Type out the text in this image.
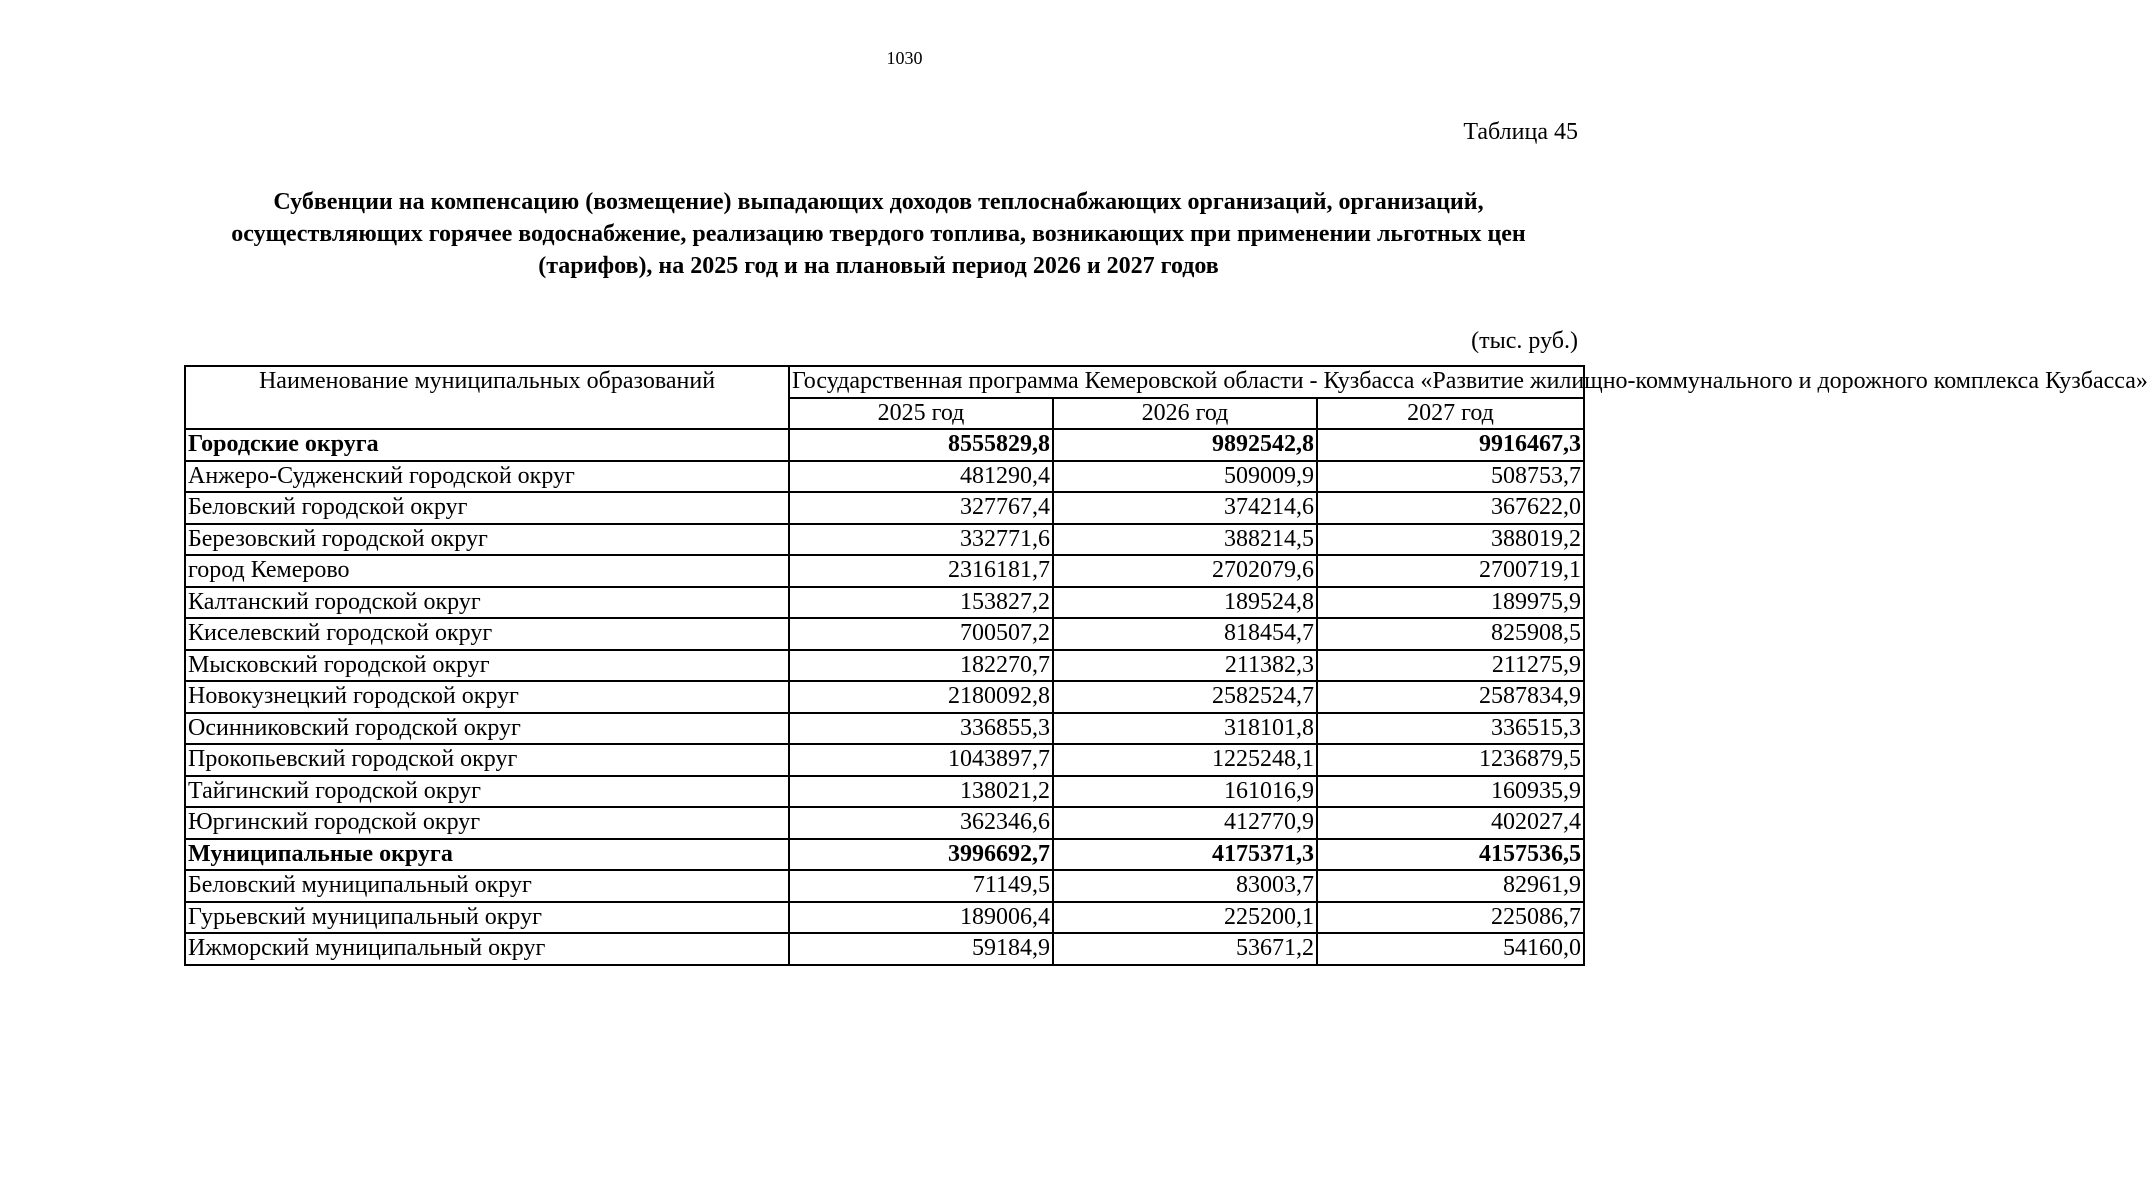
1030
Таблица 45
Субвенции на компенсацию (возмещение) выпадающих доходов теплоснабжающих организаций, организаций, осуществляющих горячее водоснабжение, реализацию твердого топлива, возникающих при применении льготных цен (тарифов), на 2025 год и на плановый период 2026 и 2027 годов
(тыс. руб.)
Наименование муниципальных образований	Государственная программа Кемеровской области - Кузбасса «Развитие жилищно-коммунального и дорожного комплекса Кузбасса»		
	2025 год	2026 год	2027 год
Городские округа	8555829,8	9892542,8	9916467,3
Анжеро-Судженский городской округ	481290,4	509009,9	508753,7
Беловский городской округ	327767,4	374214,6	367622,0
Березовский городской округ	332771,6	388214,5	388019,2
город Кемерово	2316181,7	2702079,6	2700719,1
Калтанский городской округ	153827,2	189524,8	189975,9
Киселевский городской округ	700507,2	818454,7	825908,5
Мысковский городской округ	182270,7	211382,3	211275,9
Новокузнецкий городской округ	2180092,8	2582524,7	2587834,9
Осинниковский городской округ	336855,3	318101,8	336515,3
Прокопьевский городской округ	1043897,7	1225248,1	1236879,5
Тайгинский городской округ	138021,2	161016,9	160935,9
Юргинский городской округ	362346,6	412770,9	402027,4
Муниципальные округа	3996692,7	4175371,3	4157536,5
Беловский муниципальный округ	71149,5	83003,7	82961,9
Гурьевский муниципальный округ	189006,4	225200,1	225086,7
Ижморский муниципальный округ	59184,9	53671,2	54160,0
